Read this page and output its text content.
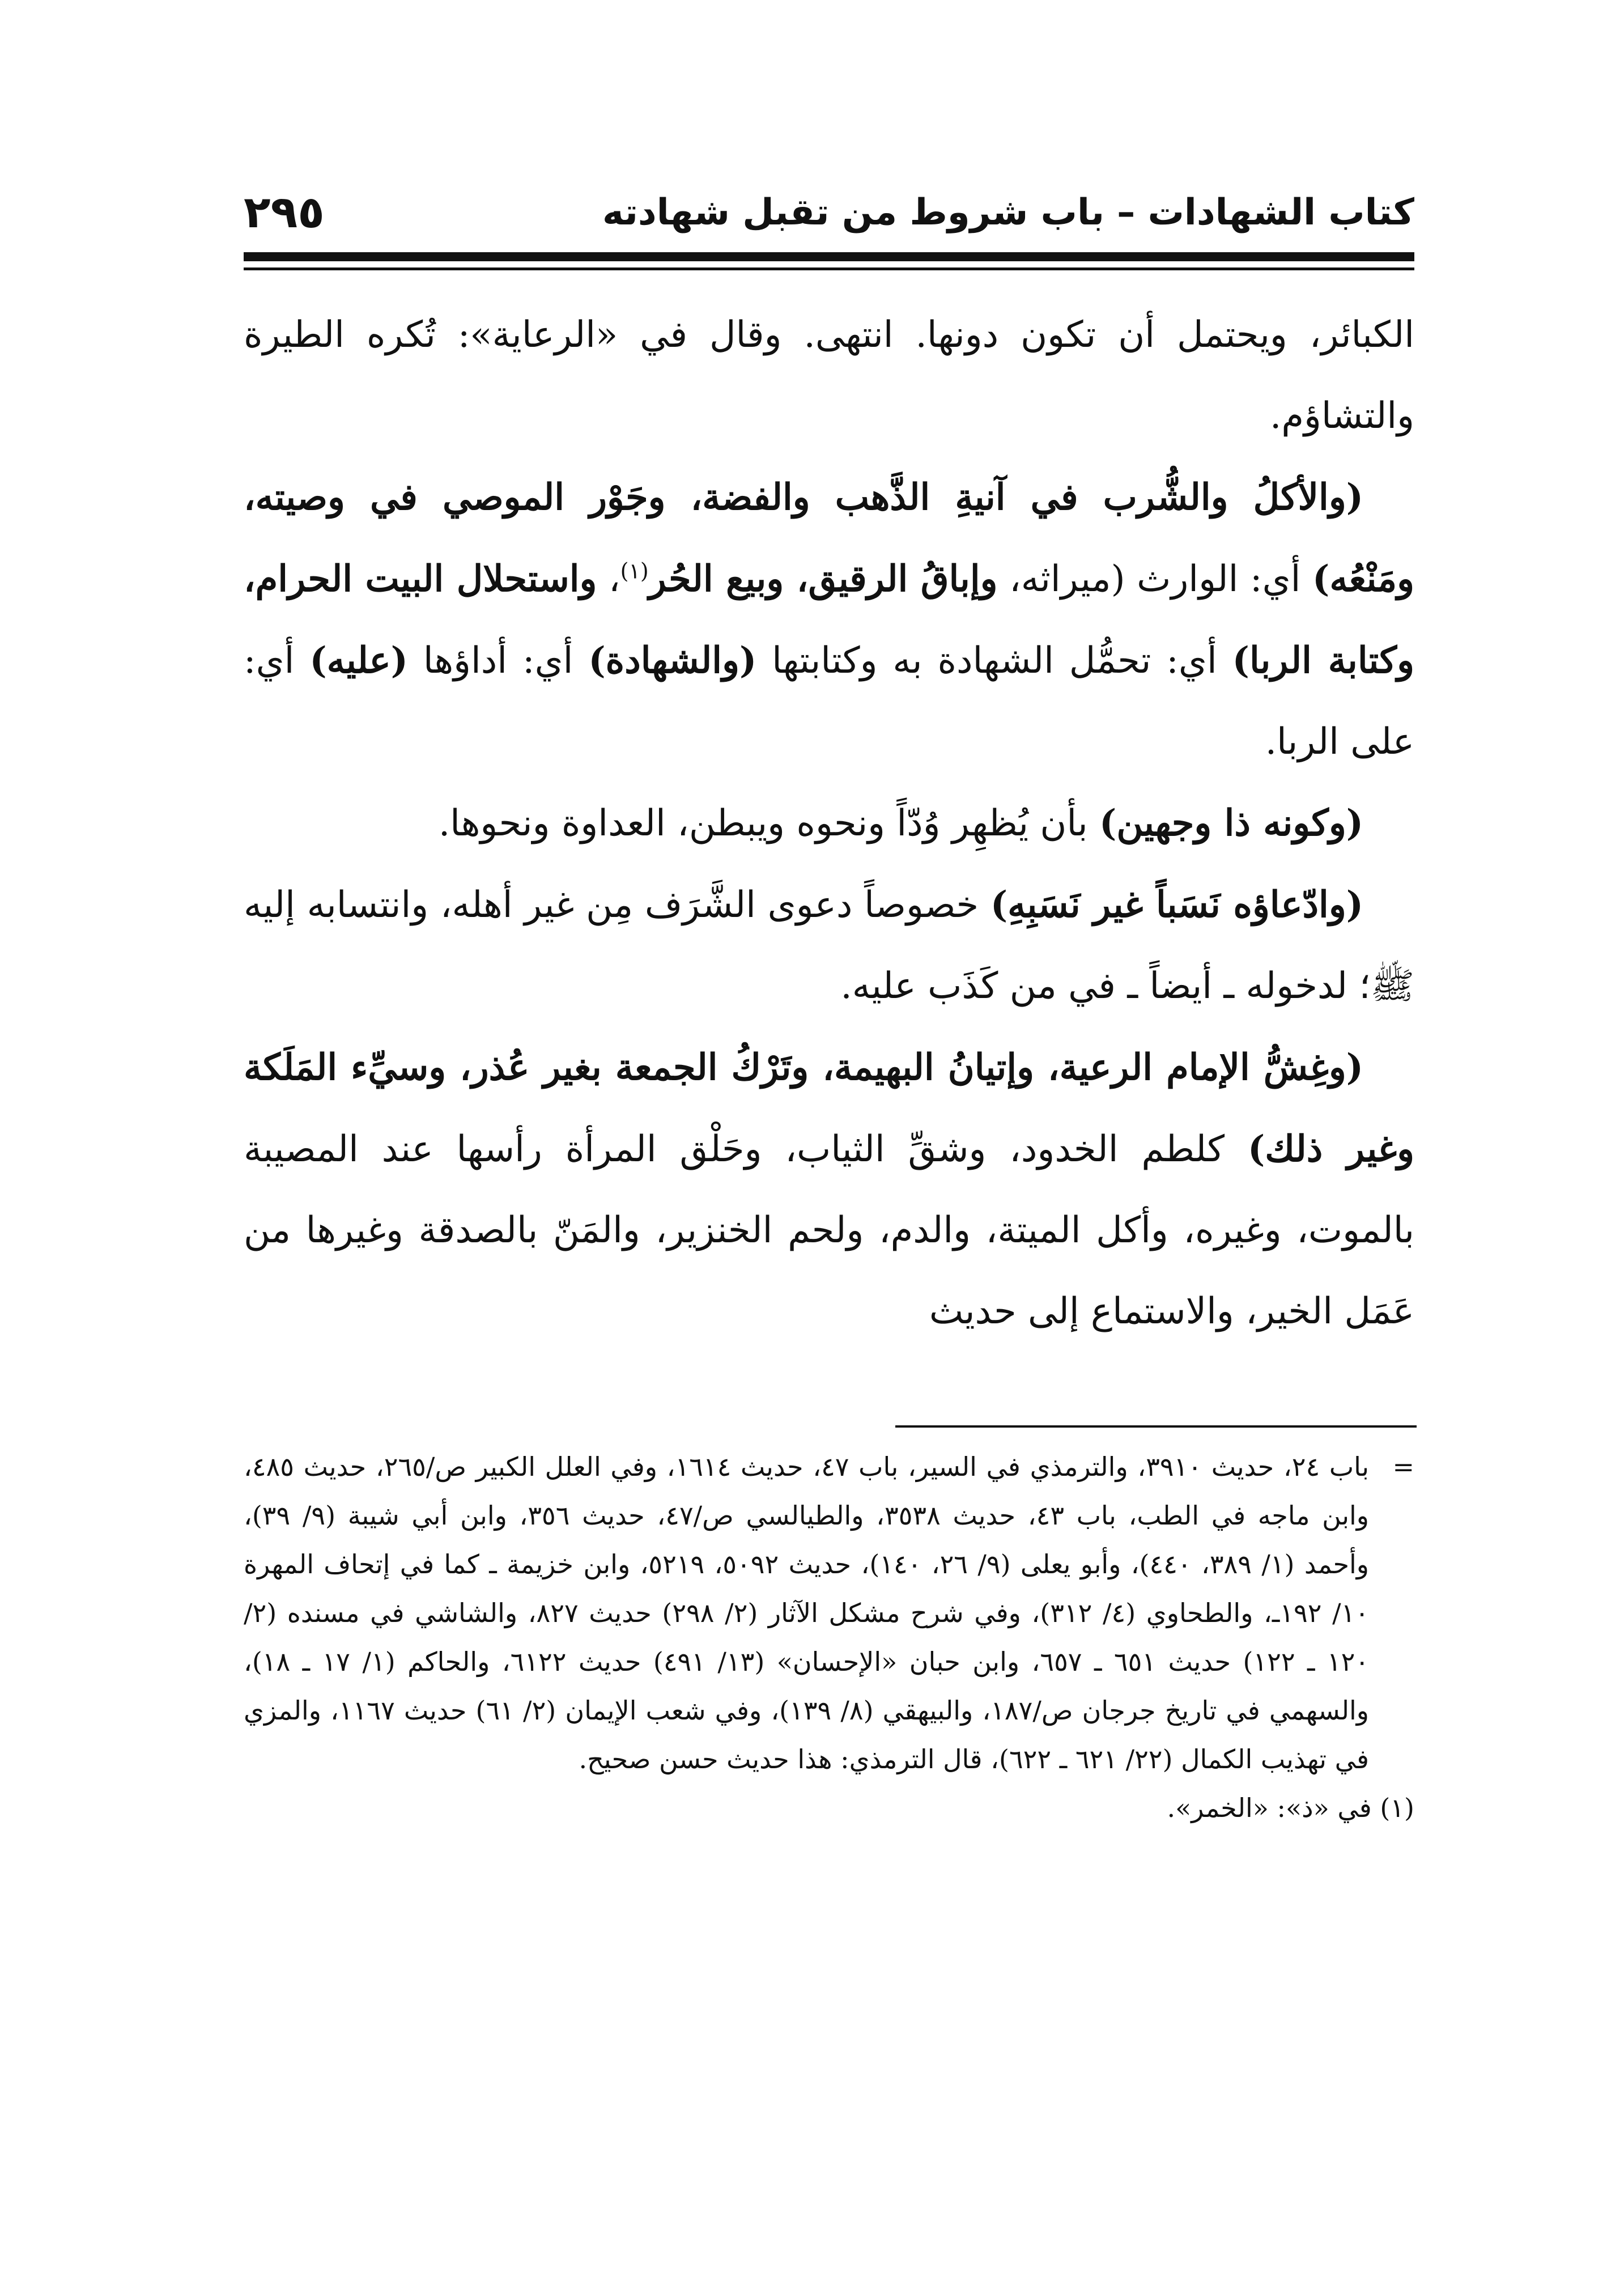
٢٩٥	كتاب الشهادات – باب شروط من تقبل شهادته

الكبائر، ويحتمل أن تكون دونها. انتهى. وقال في «الرعاية»: تُكره الطيرة والتشاؤم.

(والأكلُ والشُّرب في آنيةِ الذَّهب والفضة، وجَوْر الموصي في وصيته، ومَنْعُه) أي: الوارث (ميراثه، وإباقُ الرقيق، وبيع الحُر$^{(١)}$، واستحلال البيت الحرام، وكتابة الربا) أي: تحمُّل الشهادة به وكتابتها (والشهادة) أي: أداؤها (عليه) أي: على الربا.

(وكونه ذا وجهين) بأن يُظهِر وُدّاً ونحوه ويبطن، العداوة ونحوها.

(وادّعاؤه نَسَباً غير نَسَبِهِ) خصوصاً دعوى الشَّرَف مِن غير أهله، وانتسابه إليه ﷺ؛ لدخوله ـ أيضاً ـ في من كَذَب عليه.

(وغِشُّ الإمام الرعية، وإتيانُ البهيمة، وتَرْكُ الجمعة بغير عُذر، وسيِّء المَلَكة وغير ذلك) كلطم الخدود، وشقِّ الثياب، وحَلْق المرأة رأسها عند المصيبة بالموت، وغيره، وأكل الميتة، والدم، ولحم الخنزير، والمَنّ بالصدقة وغيرها من عَمَل الخير، والاستماع إلى حديث

=
باب ٢٤، حديث ٣٩١٠، والترمذي في السير، باب ٤٧، حديث ١٦١٤، وفي العلل الكبير ص/٢٦٥، حديث ٤٨٥، وابن ماجه في الطب، باب ٤٣، حديث ٣٥٣٨، والطيالسي ص/٤٧، حديث ٣٥٦، وابن أبي شيبة (٩/ ٣٩)، وأحمد (١/ ٣٨٩، ٤٤٠)، وأبو يعلى (٩/ ٢٦، ١٤٠)، حديث ٥٠٩٢، ٥٢١٩، وابن خزيمة ـ كما في إتحاف المهرة ١٠/ ١٩٢ـ، والطحاوي (٤/ ٣١٢)، وفي شرح مشكل الآثار (٢/ ٢٩٨) حديث ٨٢٧، والشاشي في مسنده (٢/ ١٢٠ ـ ١٢٢) حديث ٦٥١ ـ ٦٥٧، وابن حبان «الإحسان» (١٣/ ٤٩١) حديث ٦١٢٢، والحاكم (١/ ١٧ ـ ١٨)، والسهمي في تاريخ جرجان ص/١٨٧، والبيهقي (٨/ ١٣٩)، وفي شعب الإيمان (٢/ ٦١) حديث ١١٦٧، والمزي في تهذيب الكمال (٢٢/ ٦٢١ ـ ٦٢٢)، قال الترمذي: هذا حديث حسن صحيح.

(١) في «ذ»: «الخمر».
